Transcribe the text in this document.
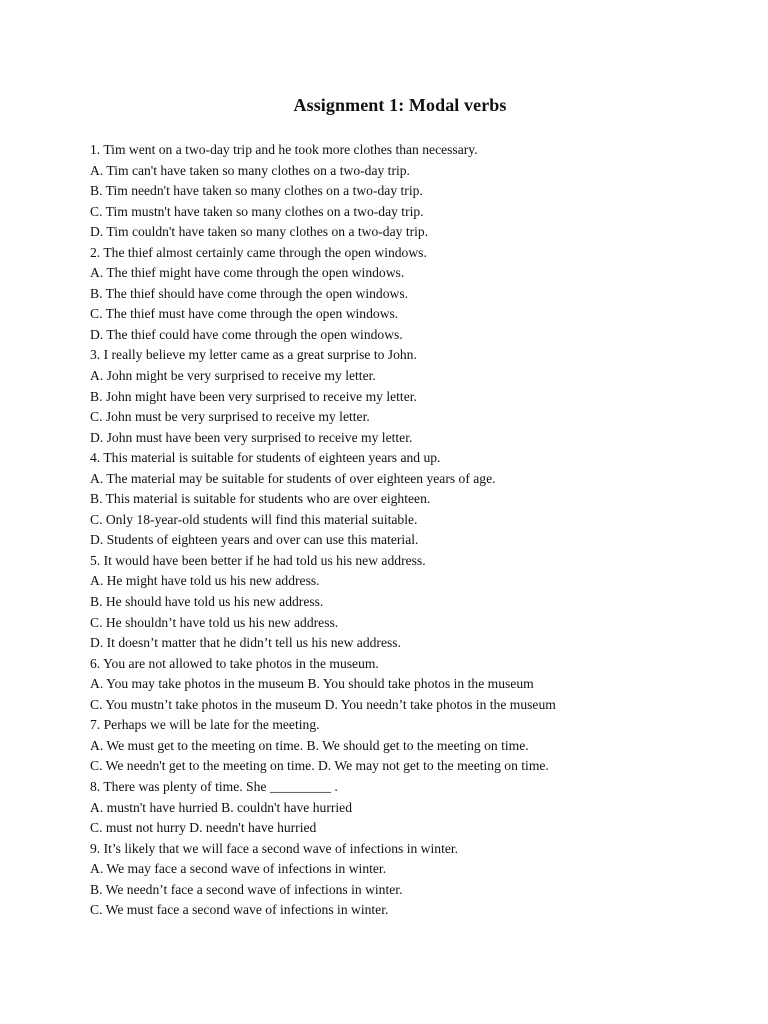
Assignment 1: Modal verbs
1. Tim went on a two-day trip and he took more clothes than necessary.
A. Tim can't have taken so many clothes on a two-day trip.
B. Tim needn't have taken so many clothes on a two-day trip.
C. Tim mustn't have taken so many clothes on a two-day trip.
D. Tim couldn't have taken so many clothes on a two-day trip.
2. The thief almost certainly came through the open windows.
A. The thief might have come through the open windows.
B. The thief should have come through the open windows.
C. The thief must have come through the open windows.
D. The thief could have come through the open windows.
3. I really believe my letter came as a great surprise to John.
A. John might be very surprised to receive my letter.
B. John might have been very surprised to receive my letter.
C. John must be very surprised to receive my letter.
D. John must have been very surprised to receive my letter.
4. This material is suitable for students of eighteen years and up.
A. The material may be suitable for students of over eighteen years of age.
B. This material is suitable for students who are over eighteen.
C. Only 18-year-old students will find this material suitable.
D. Students of eighteen years and over can use this material.
5. It would have been better if he had told us his new address.
A. He might have told us his new address.
B. He should have told us his new address.
C. He shouldn’t have told us his new address.
D. It doesn’t matter that he didn’t tell us his new address.
6. You are not allowed to take photos in the museum.
A. You may take photos in the museum B. You should take photos in the museum
C. You mustn’t take photos in the museum D. You needn’t take photos in the museum
7. Perhaps we will be late for the meeting.
A. We must get to the meeting on time. B. We should get to the meeting on time.
C. We needn't get to the meeting on time. D. We may not get to the meeting on time.
8. There was plenty of time. She _________ .
A. mustn't have hurried B. couldn't have hurried
C. must not hurry D. needn't have hurried
9. It’s likely that we will face a second wave of infections in winter.
A. We may face a second wave of infections in winter.
B. We needn’t face a second wave of infections in winter.
C. We must face a second wave of infections in winter.
